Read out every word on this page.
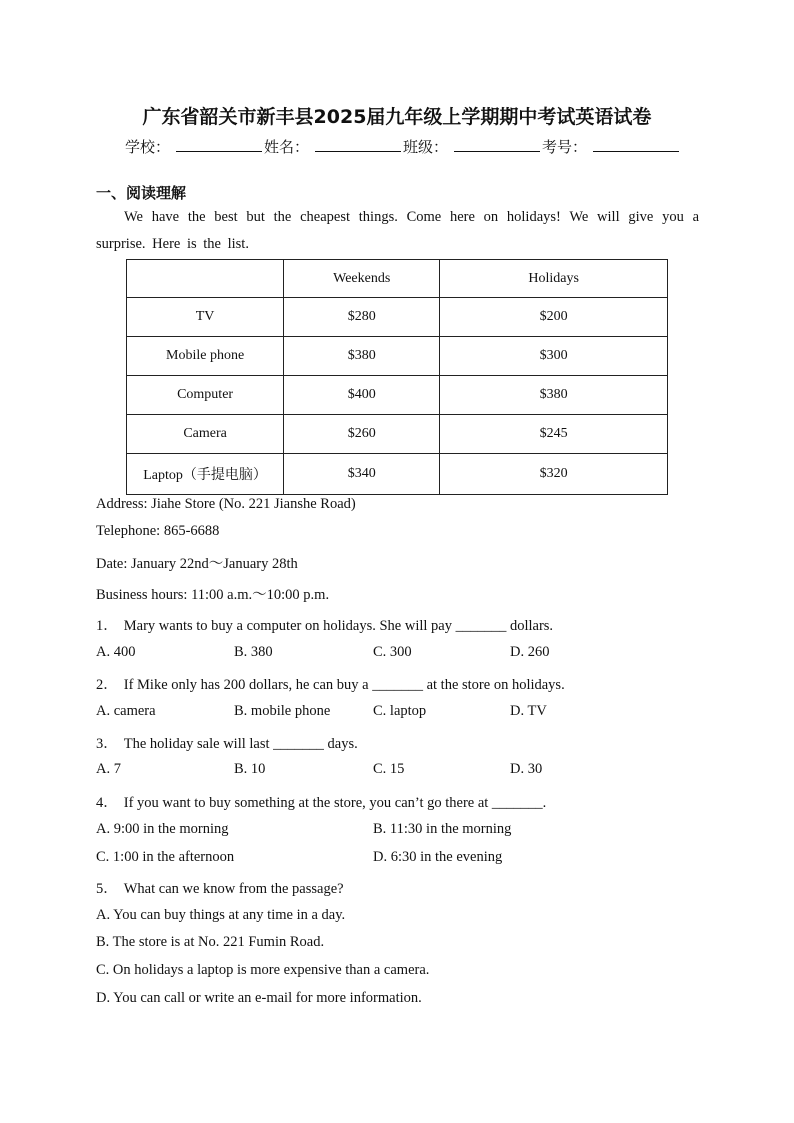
广东省韶关市新丰县2025届九年级上学期期中考试英语试卷
学校：	姓名：	班级：	考号：
一、阅读理解
We have the best but the cheapest things. Come here on holidays! We will give you a surprise. Here is the list.
	Weekends	Holidays
TV	$280	$200
Mobile phone	$380	$300
Computer	$400	$380
Camera	$260	$245
Laptop（手提电脑）	$340	$320
Address: Jiahe Store (No. 221 Jianshe Road)
Telephone: 865-6688
Date: January 22nd～January 28th
Business hours: 11:00 a.m.～10:00 p.m.
1． Mary wants to buy a computer on holidays. She will pay _______ dollars.
A. 400	B. 380	C. 300	D. 260
2． If Mike only has 200 dollars, he can buy a _______ at the store on holidays.
A. camera	B. mobile phone	C. laptop	D. TV
3． The holiday sale will last _______ days.
A. 7	B. 10	C. 15	D. 30
4． If you want to buy something at the store, you can’t go there at _______.
A. 9:00 in the morning	B. 11:30 in the morning
C. 1:00 in the afternoon	D. 6:30 in the evening
5． What can we know from the passage?
A. You can buy things at any time in a day.
B. The store is at No. 221 Fumin Road.
C. On holidays a laptop is more expensive than a camera.
D. You can call or write an e-mail for more information.
